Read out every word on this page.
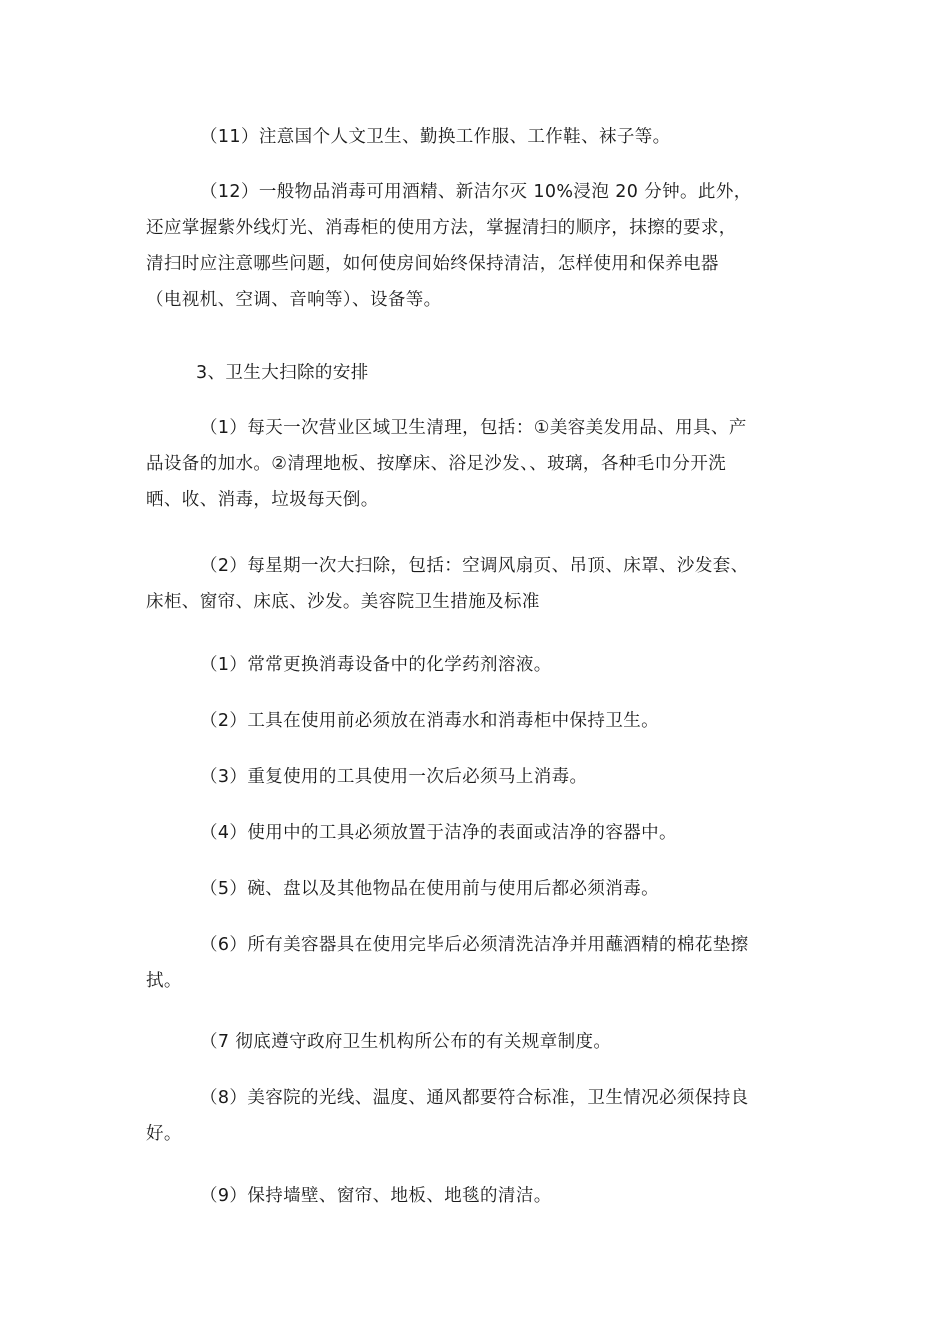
（11）注意国个人文卫生、勤换工作服、工作鞋、袜子等。

（12）一般物品消毒可用酒精、新洁尔灭 10%浸泡 20 分钟。此外，
还应掌握紫外线灯光、消毒柜的使用方法，掌握清扫的顺序，抹擦的要求，
清扫时应注意哪些问题，如何使房间始终保持清洁，怎样使用和保养电器
（电视机、空调、音响等）、设备等。

3、卫生大扫除的安排

（1）每天一次营业区域卫生清理，包括：①美容美发用品、用具、产
品设备的加水。②清理地板、按摩床、浴足沙发、、玻璃，各种毛巾分开洗
晒、收、消毒，垃圾每天倒。

（2）每星期一次大扫除，包括：空调风扇页、吊顶、床罩、沙发套、
床柜、窗帘、床底、沙发。美容院卫生措施及标准

（1）常常更换消毒设备中的化学药剂溶液。

（2）工具在使用前必须放在消毒水和消毒柜中保持卫生。

（3）重复使用的工具使用一次后必须马上消毒。

（4）使用中的工具必须放置于洁净的表面或洁净的容器中。

（5）碗、盘以及其他物品在使用前与使用后都必须消毒。

（6）所有美容器具在使用完毕后必须清洗洁净并用蘸酒精的棉花垫擦
拭。

（7 彻底遵守政府卫生机构所公布的有关规章制度。

（8）美容院的光线、温度、通风都要符合标准，卫生情况必须保持良
好。

（9）保持墙壁、窗帘、地板、地毯的清洁。
